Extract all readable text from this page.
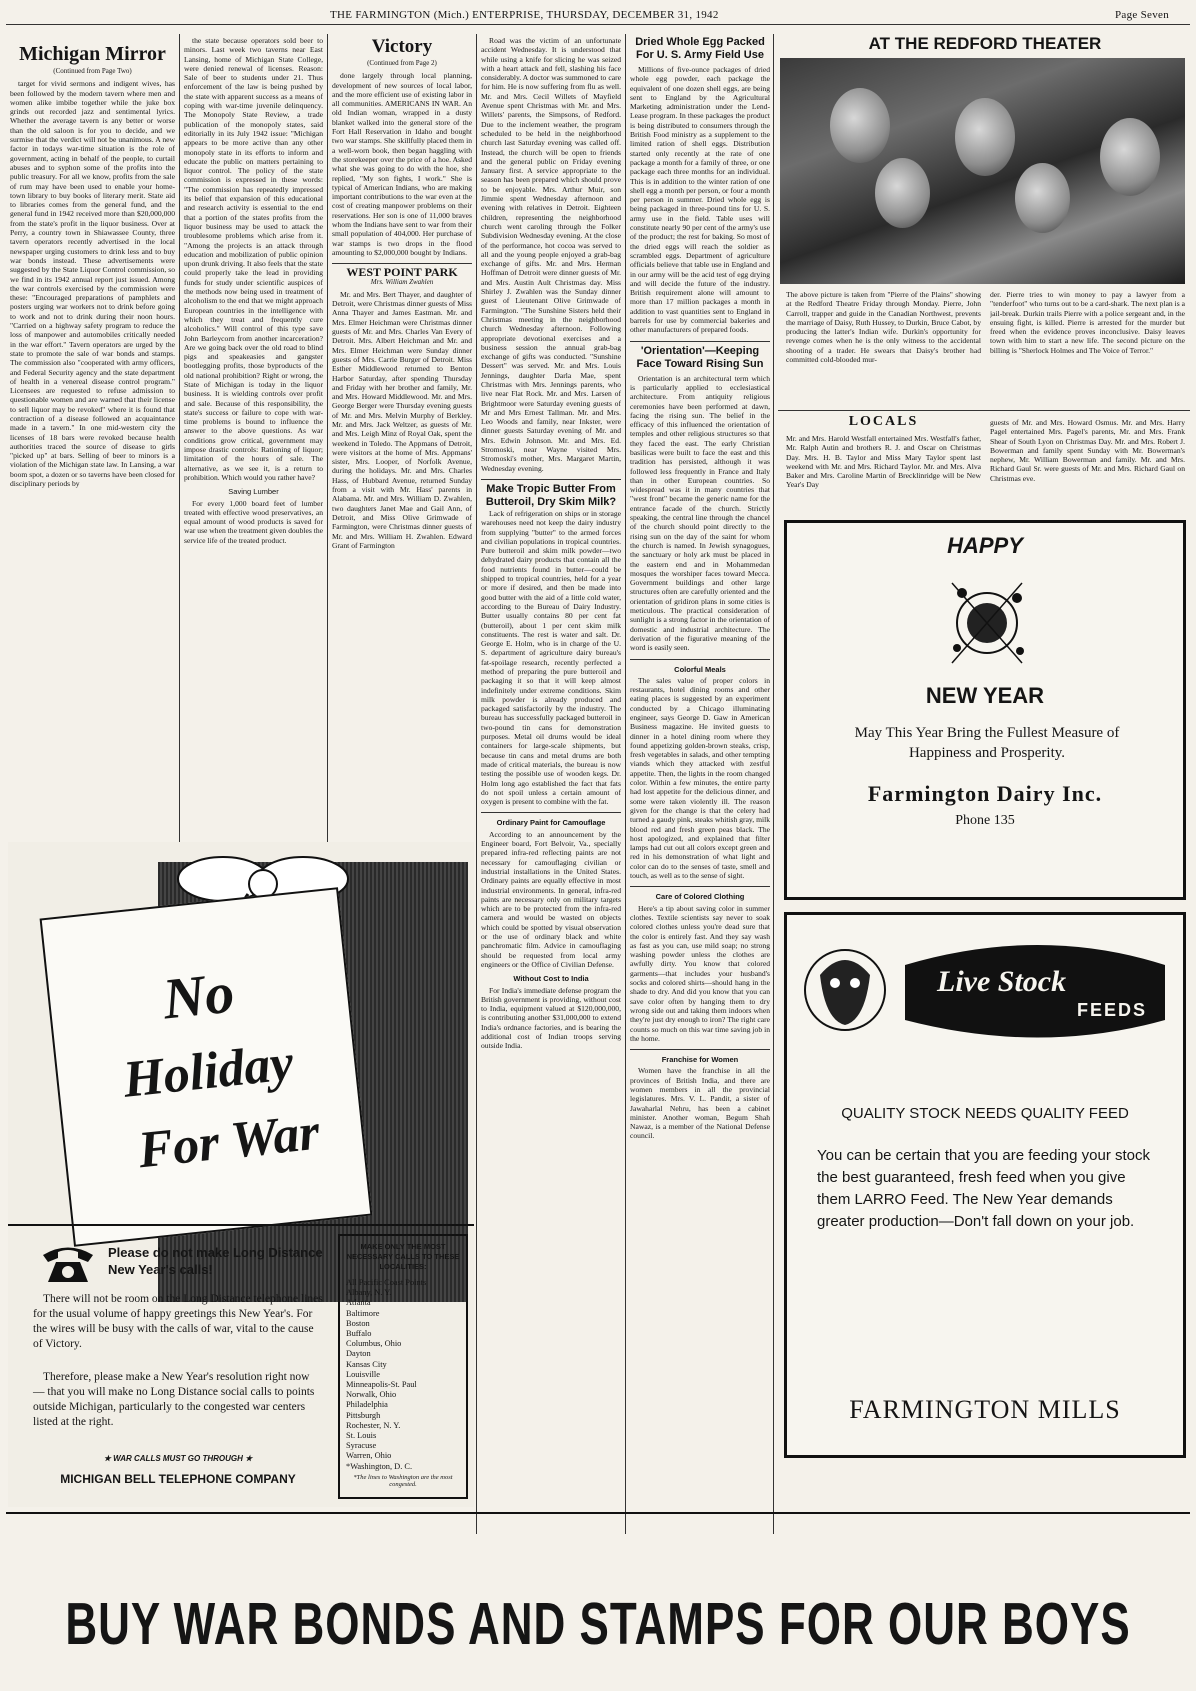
THE FARMINGTON (Mich.) ENTERPRISE, THURSDAY, DECEMBER 31, 1942	Page Seven
Michigan Mirror
(Continued from Page Two)

target for vivid sermons and indigent wives, has been followed by the modern tavern where men and women alike imbibe together while the juke box grinds out recorded jazz and sentimental lyrics. Whether the average tavern is any better or worse than the old saloon is for you to decide, and we surmise that the verdict will not be unanimous. A new factor in todays war-time situation is the role of government, acting in behalf of the people, to curtail abuses and to syphon some of the profits into the public treasury. For all we know, profits from the sale of rum may have been used to enable your home-town library to buy books of literary merit. State aid to libraries comes from the general fund, and the general fund in 1942 received more than $20,000,000 from the state's profit in the liquor business. Over at Perry, a country town in Shiawassee County, three tavern operators recently advertised in the local newspaper urging customers to drink less and to buy war bonds instead. These advertisements were suggested by the State Liquor Control commission, so we find in its 1942 annual report just issued. Among the war controls exercised by the commission were these: "Encouraged preparations of pamphlets and posters urging war workers not to drink before going to work and not to drink during their noon hours. "Carried on a highway safety program to reduce the loss of manpower and automobiles critically needed in the war effort." Tavern operators are urged by the state to promote the sale of war bonds and stamps. The commission also "cooperated with army officers, and Federal Security agency and the state department of health in a venereal disease control program." Licensees are requested to refuse admission to questionable women and are warned that their license to sell liquor may be revoked" where it is found that contraction of a disease followed an acquaintance made in a tavern." In one mid-western city the licenses of 18 bars were revoked because health authorities traced the source of disease to girls "picked up" at bars. Selling of beer to minors is a violation of the Michigan state law. In Lansing, a war boom spot, a dozen or so taverns have been closed for disciplinary periods by

the state because operators sold beer to minors. Last week two taverns near East Lansing, home of Michigan State College, were denied renewal of licenses. Reason: Sale of beer to students under 21. Thus enforcement of the law is being pushed by the state with apparent success as a means of coping with war-time juvenile delinquency. The Monopoly State Review, a trade publication of the monopoly states, said editorially in its July 1942 issue: "Michigan appears to be more active than any other monopoly state in its efforts to inform and educate the public on matters pertaining to liquor control. The policy of the state commission is expressed in these words: "The commission has repeatedly impressed its belief that expansion of this educational and research activity is essential to the end that a portion of the states profits from the liquor business may be used to attack the troublesome problems which arise from it. "Among the projects is an attack through education and mobilization of public opinion upon drunk driving. It also feels that the state could properly take the lead in providing funds for study under scientific auspices of the methods now being used in treatment of alcoholism to the end that we might approach European countries in the intelligence with which they treat and frequently cure alcoholics." Will control of this type save John Barleycorn from another incarceration? Are we going back over the old road to blind pigs and speakeasies and gangster bootlegging profits, those byproducts of the old national prohibition? Right or wrong, the State of Michigan is today in the liquor business. It is wielding controls over profit and sale. Because of this responsibility, the state's success or failure to cope with war-time problems is bound to influence the answer to the above questions. As war conditions grow critical, government may impose drastic controls: Rationing of liquor; limitation of the hours of sale. The alternative, as we see it, is a return to prohibition. Which would you rather have?

Saving Lumber

For every 1,000 board feet of lumber treated with effective wood preservatives, an equal amount of wood products is saved for war use when the treatment given doubles the service life of the treated product.

Victory
(Continued from Page 2)

done largely through local planning, development of new sources of local labor, and the more efficient use of existing labor in all communities. AMERICANS IN WAR. An old Indian woman, wrapped in a dusty blanket walked into the general store of the Fort Hall Reservation in Idaho and bought two war stamps. She skillfully placed them in a well-worn book, then began haggling with the storekeeper over the price of a hoe. Asked what she was going to do with the hoe, she replied, "My son fights, I work." She is typical of American Indians, who are making important contributions to the war even at the cost of creating manpower problems on their reservations. Her son is one of 11,000 braves whom the Indians have sent to war from their small population of 404,000. Her purchase of war stamps is two drops in the flood amounting to $2,000,000 bought by Indians.

WEST POINT PARK
Mrs. William Zwahlen

Mr. and Mrs. Bert Thayer, and daughter of Detroit, were Christmas dinner guests of Miss Anna Thayer and James Eastman. Mr. and Mrs. Elmer Heichman were Christmas dinner guests of Mr. and Mrs. Charles Van Every of Detroit. Mrs. Albert Heichman and Mr. and Mrs. Elmer Heichman were Sunday dinner guests of Mrs. Carrie Burger of Detroit. Miss Esther Middlewood returned to Benton Harbor Saturday, after spending Thursday and Friday with her brother and family, Mr. and Mrs. Howard Middlewood. Mr. and Mrs. George Berger were Thursday evening guests of Mr. and Mrs. Melvin Murphy of Berkley. Mr. and Mrs. Jack Weltzer, as guests of Mr. and Mrs. Leigh Minz of Royal Oak, spent the weekend in Toledo. The Appmans of Detroit, were visitors at the home of Mrs. Appmans' sister, Mrs. Looper, of Norfolk Avenue, during the holidays. Mr. and Mrs. Charles Hass, of Hubbard Avenue, returned Sunday from a visit with Mr. Hass' parents in Alabama. Mr. and Mrs. William D. Zwahlen, two daughters Janet Mae and Gail Ann, of Detroit, and Miss Olive Grimwade of Farmington, were Christmas dinner guests of Mr. and Mrs. William H. Zwahlen. Edward Grant of Farmington

Road was the victim of an unfortunate accident Wednesday. It is understood that while using a knife for slicing he was seized with a heart attack and fell, slashing his face considerably. A doctor was summoned to care for him. He is now suffering from flu as well. Mr. and Mrs. Cecil Willets of Mayfield Avenue spent Christmas with Mr. and Mrs. Willets' parents, the Simpsons, of Redford. Due to the inclement weather, the program scheduled to be held in the neighborhood church last Saturday evening was called off. Instead, the church will be open to friends and the general public on Friday evening January first. A service appropriate to the season has been prepared which should prove to be enjoyable. Mrs. Arthur Muir, son Jimmie spent Wednesday afternoon and evening with relatives in Detroit. Eighteen children, representing the neighborhood church went caroling through the Folker Subdivision Wednesday evening. At the close of the performance, hot cocoa was served to all and the young people enjoyed a grab-bag exchange of gifts. Mr. and Mrs. Herman Hoffman of Detroit were dinner guests of Mr. and Mrs. Austin Ault Christmas day. Miss Shirley J. Zwahlen was the Sunday dinner guest of Lieutenant Olive Grimwade of Farmington. "The Sunshine Sisters held their Christmas meeting in the neighborhood church Wednesday afternoon. Following appropriate devotional exercises and a business session the annual grab-bag exchange of gifts was conducted. "Sunshine Dessert" was served. Mr. and Mrs. Louis Jennings, daughter Darla Mae, spent Christmas with Mrs. Jennings parents, who live near Flat Rock. Mr. and Mrs. Larsen of Brightmoor were Saturday evening guests of Mr and Mrs Ernest Tallman. Mr. and Mrs. Leo Woods and family, near Inkster, were dinner guests Saturday evening of Mr. and Mrs. Edwin Johnson. Mr. and Mrs. Ed. Stromoski, near Wayne visited Mrs. Stromoski's mother, Mrs. Margaret Martin, Wednesday evening.

Make Tropic Butter From Butteroil, Dry Skim Milk?

Lack of refrigeration on ships or in storage warehouses need not keep the dairy industry from supplying "butter" to the armed forces and civilian populations in tropical countries. Pure butteroil and skim milk powder—two dehydrated dairy products that contain all the food nutrients found in butter—could be shipped to tropical countries, held for a year or more if desired, and then be made into good butter with the aid of a little cold water, according to the Bureau of Dairy Industry. Butter usually contains 80 per cent fat (butteroil), about 1 per cent skim milk constituents. The rest is water and salt. Dr. George E. Holm, who is in charge of the U. S. department of agriculture dairy bureau's fat-spoilage research, recently perfected a method of preparing the pure butteroil and packaging it so that it will keep almost indefinitely under extreme conditions. Skim milk powder is already produced and packaged satisfactorily by the industry. The bureau has successfully packaged butteroil in two-pound tin cans for demonstration purposes. Metal oil drums would be ideal containers for large-scale shipments, but because tin cans and metal drums are both made of critical materials, the bureau is now testing the possible use of wooden kegs. Dr. Holm long ago established the fact that fats do not spoil unless a certain amount of oxygen is present to combine with the fat.

Ordinary Paint for Camouflage

According to an announcement by the Engineer board, Fort Belvoir, Va., specially prepared infra-red reflecting paints are not necessary for camouflaging civilian or industrial installations in the United States. Ordinary paints are equally effective in most industrial environments. In general, infra-red paints are necessary only on military targets which are to be protected from the infra-red camera and would be wasted on objects which could be spotted by visual observation or the use of ordinary black and white panchromatic film. Advice in camouflaging should be requested from local army engineers or the Office of Civilian Defense.

Without Cost to India

For India's immediate defense program the British government is providing, without cost to India, equipment valued at $120,000,000, is contributing another $31,000,000 to extend India's ordnance factories, and is bearing the additional cost of Indian troops serving outside India.

Dried Whole Egg Packed For U. S. Army Field Use

Millions of five-ounce packages of dried whole egg powder, each package the equivalent of one dozen shell eggs, are being sent to England by the Agricultural Marketing administration under the Lend-Lease program. In these packages the product is being distributed to consumers through the British Food ministry as a supplement to the limited ration of shell eggs. Distribution started only recently at the rate of one package a month for a family of three, or one package each three months for an individual. This is in addition to the winter ration of one shell egg a month per person, or four a month per person in summer. Dried whole egg is being packaged in three-pound tins for U. S. army use in the field. Table uses will constitute nearly 90 per cent of the army's use of the product; the rest for baking. So most of the dried eggs will reach the soldier as scrambled eggs. Department of agriculture officials believe that table use in England and in our army will be the acid test of egg drying and will decide the future of the industry. British requirement alone will amount to more than 17 million packages a month in addition to vast quantities sent to England in barrels for use by commercial bakeries and other manufacturers of prepared foods.

'Orientation'—Keeping Face Toward Rising Sun

Orientation is an architectural term which is particularly applied to ecclesiastical architecture. From antiquity religious ceremonies have been performed at dawn, facing the rising sun. The belief in the efficacy of this influenced the orientation of temples and other religious structures so that they faced the east. The early Christian basilicas were built to face the east and this tradition has persisted, although it was followed less frequently in France and Italy than in other European countries. So widespread was it in many countries that "west front" became the generic name for the entrance facade of the church. Strictly speaking, the central line through the chancel of the church should point directly to the rising sun on the day of the saint for whom the church is named. In Jewish synagogues, the sanctuary or holy ark must be placed in the eastern end and in Mohammedan mosques the worshiper faces toward Mecca. Government buildings and other large structures often are carefully oriented and the orientation of gridiron plans in some cities is meticulous. The practical consideration of sunlight is a strong factor in the orientation of domestic and industrial architecture. The derivation of the figurative meaning of the word is easily seen.

Colorful Meals

The sales value of proper colors in restaurants, hotel dining rooms and other eating places is suggested by an experiment conducted by a Chicago illuminating engineer, says George D. Gaw in American Business magazine. He invited guests to dinner in a hotel dining room where they found appetizing golden-brown steaks, crisp, fresh vegetables in salads, and other tempting viands which they attacked with zestful appetite. Then, the lights in the room changed color. Within a few minutes, the entire party had lost appetite for the delicious dinner, and some were taken violently ill. The reason given for the change is that the celery had turned a gaudy pink, steaks whitish gray, milk blood red and fresh green peas black. The host apologized, and explained that filter lamps had cut out all colors except green and red in his demonstration of what light and color can do to the senses of taste, smell and touch, as well as to the sense of sight.

Care of Colored Clothing

Here's a tip about saving color in summer clothes. Textile scientists say never to soak colored clothes unless you're dead sure that the color is entirely fast. And they say wash as fast as you can, use mild soap; no strong washing powder unless the clothes are awfully dirty. You know that colored garments—that includes your husband's socks and colored shirts—should hang in the shade to dry. And did you know that you can save color often by hanging them to dry wrong side out and taking them indoors when they're just dry enough to iron? The right care counts so much on this war time saving job in the home.

Franchise for Women

Women have the franchise in all the provinces of British India, and there are women members in all the provincial legislatures. Mrs. V. L. Pandit, a sister of Jawaharlal Nehru, has been a cabinet minister. Another woman, Begum Shah Nawaz, is a member of the National Defense council.

AT THE REDFORD THEATER
The above picture is taken from "Pierre of the Plains" showing at the Redford Theatre Friday through Monday. Pierre, John Carroll, trapper and guide in the Canadian Northwest, prevents the marriage of Daisy, Ruth Hussey, to Durkin, Bruce Cabot, by producing the latter's Indian wife. Durkin's opportunity for revenge comes when he is the only witness to the accidental shooting of a trader. He swears that Daisy's brother had committed cold-blooded mur-
der. Pierre tries to win money to pay a lawyer from a "tenderfoot" who turns out to be a card-shark. The next plan is a jail-break. Durkin trails Pierre with a police sergeant and, in the ensuing fight, is killed. Pierre is arrested for the murder but freed when the evidence proves inconclusive. Daisy leaves town with him to start a new life. The second picture on the billing is "Sherlock Holmes and The Voice of Terror."
LOCALS
Mr. and Mrs. Harold Westfall entertained Mrs. Westfall's father, Mr. Ralph Autin and brothers R. J. and Oscar on Christmas Day. Mrs. H. B. Taylor and Miss Mary Taylor spent last weekend with Mr. and Mrs. Richard Taylor. Mr. and Mrs. Alva Baker and Mrs. Caroline Martin of Brecklinridge will be New Year's Day
guests of Mr. and Mrs. Howard Osmus. Mr. and Mrs. Harry Pagel entertained Mrs. Pagel's parents, Mr. and Mrs. Frank Shear of South Lyon on Christmas Day. Mr. and Mrs. Robert J. Bowerman and family spent Sunday with Mr. Bowerman's nephew, Mr. William Bowerman and family. Mr. and Mrs. Richard Gaul Sr. were guests of Mr. and Mrs. Richard Gaul on Christmas eve.
HAPPY
NEW YEAR
May This Year Bring the Fullest Measure of Happiness and Prosperity.
Farmington Dairy Inc.
Phone 135
Live Stock
FEEDS
QUALITY STOCK NEEDS QUALITY FEED
You can be certain that you are feeding your stock the best guaranteed, fresh feed when you give them LARRO Feed. The New Year demands greater production—Don't fall down on your job.
FARMINGTON MILLS
No
Holiday
For War
Please do not make Long Distance New Year's calls!
There will not be room on the Long Distance telephone lines for the usual volume of happy greetings this New Year's. For the wires will be busy with the calls of war, vital to the cause of Victory.
Therefore, please make a New Year's resolution right now — that you will make no Long Distance social calls to points outside Michigan, particularly to the congested war centers listed at the right.
★ WAR CALLS MUST GO THROUGH ★
MICHIGAN BELL TELEPHONE COMPANY
MAKE ONLY THE MOST NECESSARY CALLS TO THESE LOCALITIES:
All Pacific Coast Points
Albany, N. Y.
Atlanta
Baltimore
Boston
Buffalo
Columbus, Ohio
Dayton
Kansas City
Louisville
Minneapolis-St. Paul
Norwalk, Ohio
Philadelphia
Pittsburgh
Rochester, N. Y.
St. Louis
Syracuse
Warren, Ohio
*Washington, D. C.
*The lines to Washington are the most congested.
BUY WAR BONDS AND STAMPS FOR OUR BOYS
